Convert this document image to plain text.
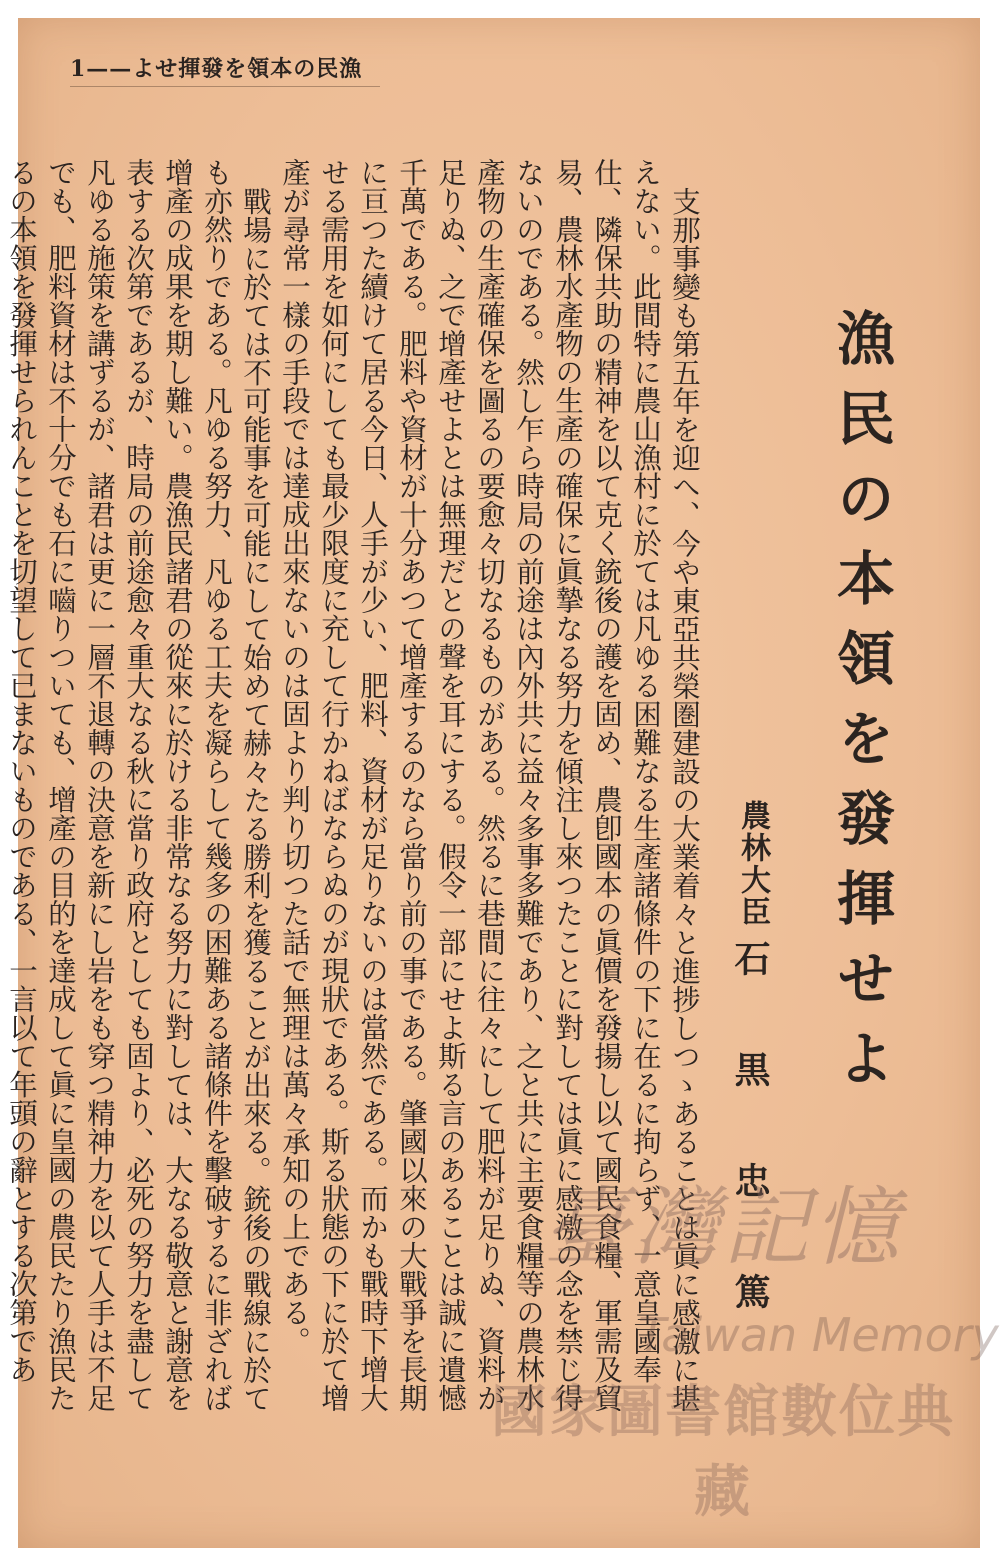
1——よせ揮發を領本の民漁
漁民の本領を發揮せよ
農林大臣
石黒忠篤

支那事變も第五年を迎へ、今や東亞共榮圏建設の大業着々と進捗しつゝあることは眞に感激に堪えない。此間特に農山漁村に於ては凡ゆる困難なる生產諸條件の下に在るに拘らず、一意皇國奉仕、隣保共助の精神を以て克く銃後の護を固め、農卽國本の眞價を發揚し以て國民食糧、軍需及貿易、農林水產物の生產の確保に眞摯なる努力を傾注し來つたことに對しては眞に感激の念を禁じ得ないのである。然し乍ら時局の前途は內外共に益々多事多難であり、之と共に主要食糧等の農林水產物の生產確保を圖るの要愈々切なるものがある。然るに巷間に往々にして肥料が足りぬ、資料が足りぬ、之で增產せよとは無理だとの聲を耳にする。假令一部にせよ斯る言のあることは誠に遺憾千萬である。肥料や資材が十分あつて增產するのなら當り前の事である。肇國以來の大戰爭を長期に亘つた續けて居る今日、人手が少い、肥料、資材が足りないのは當然である。而かも戰時下增大せる需用を如何にしても最少限度に充して行かねばならぬのが現狀である。斯る狀態の下に於て增產が尋常一樣の手段では達成出來ないのは固より判り切つた話で無理は萬々承知の上である。

戰場に於ては不可能事を可能にして始めて赫々たる勝利を獲ることが出來る。銃後の戰線に於ても亦然りである。凡ゆる努力、凡ゆる工夫を凝らして幾多の困難ある諸條件を擊破するに非ざれば增產の成果を期し難い。農漁民諸君の從來に於ける非常なる努力に對しては、大なる敬意と謝意を表する次第であるが、時局の前途愈々重大なる秋に當り政府としても固より、必死の努力を盡して凡ゆる施策を講ずるが、諸君は更に一層不退轉の決意を新にし岩をも穿つ精神力を以て人手は不足でも、肥料資材は不十分でも石に嚙りついても、增產の目的を達成して眞に皇國の農民たり漁民たるの本領を發揮せられんことを切望して已まないものである、一言以て年頭の辭とする次第であ

臺灣記憶
Taiwan Memory
國家圖書館數位典藏
